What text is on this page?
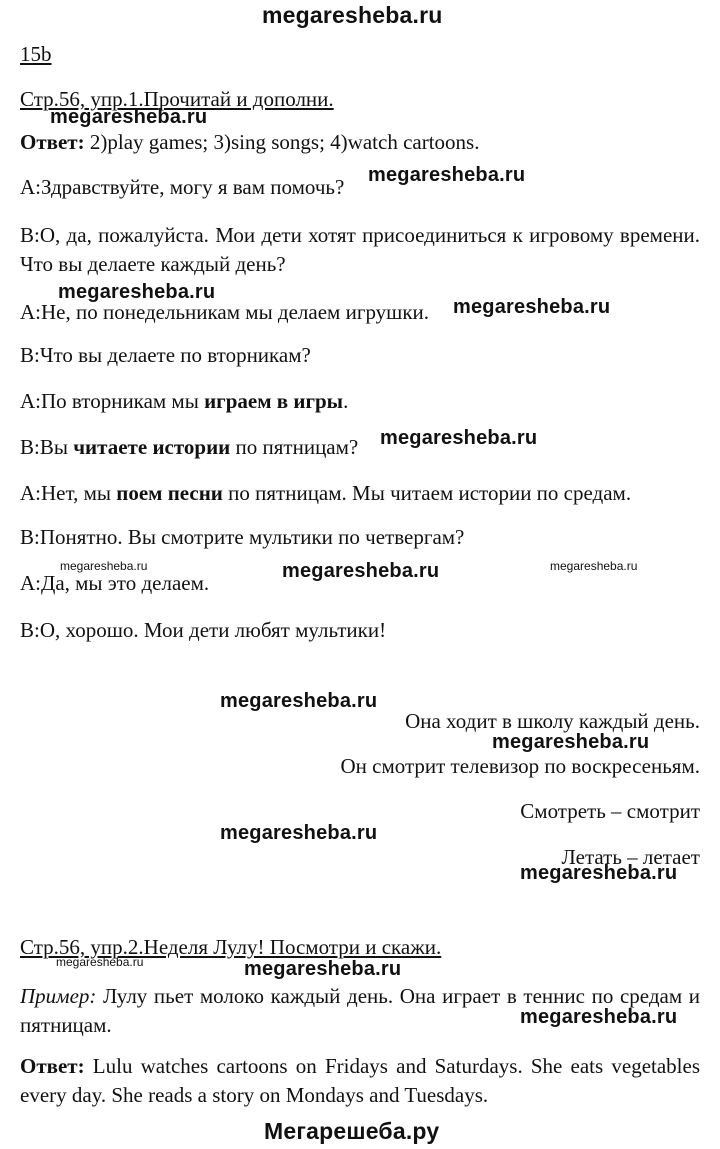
megaresheba.ru
15b
Стр.56, упр.1.Прочитай и дополни.
megaresheba.ru
Ответ: 2)play games; 3)sing songs; 4)watch cartoons.
A:Здравствуйте, могу я вам помочь? megaresheba.ru
B:O, да, пожалуйста. Мои дети хотят присоединиться к игровому времени. Что вы делаете каждый день?
megaresheba.ru
A:Не, по понедельникам мы делаем игрушки. megaresheba.ru
B:Что вы делаете по вторникам?
A:По вторникам мы играем в игры.
B:Вы читаете истории по пятницам? megaresheba.ru
A:Нет, мы поем песни по пятницам. Мы читаем истории по средам.
B:Понятно. Вы смотрите мультики по четвергам?
megaresheba.ru	megaresheba.ru	megaresheba.ru
A:Да, мы это делаем.
B:O, хорошо. Мои дети любят мультики!
megaresheba.ru
Она ходит в школу каждый день.
megaresheba.ru
Он смотрит телевизор по воскресеньям.
Смотреть – смотрит
megaresheba.ru
Летать – летает
megaresheba.ru
Стр.56, упр.2.Неделя Лулу! Посмотри и скажи.
megaresheba.ru	megaresheba.ru
Пример: Лулу пьет молоко каждый день. Она играет в теннис по средам и пятницам.	megaresheba.ru
Ответ: Lulu watches cartoons on Fridays and Saturdays. She eats vegetables every day. She reads a story on Mondays and Tuesdays.
Мегарешеба.ру
